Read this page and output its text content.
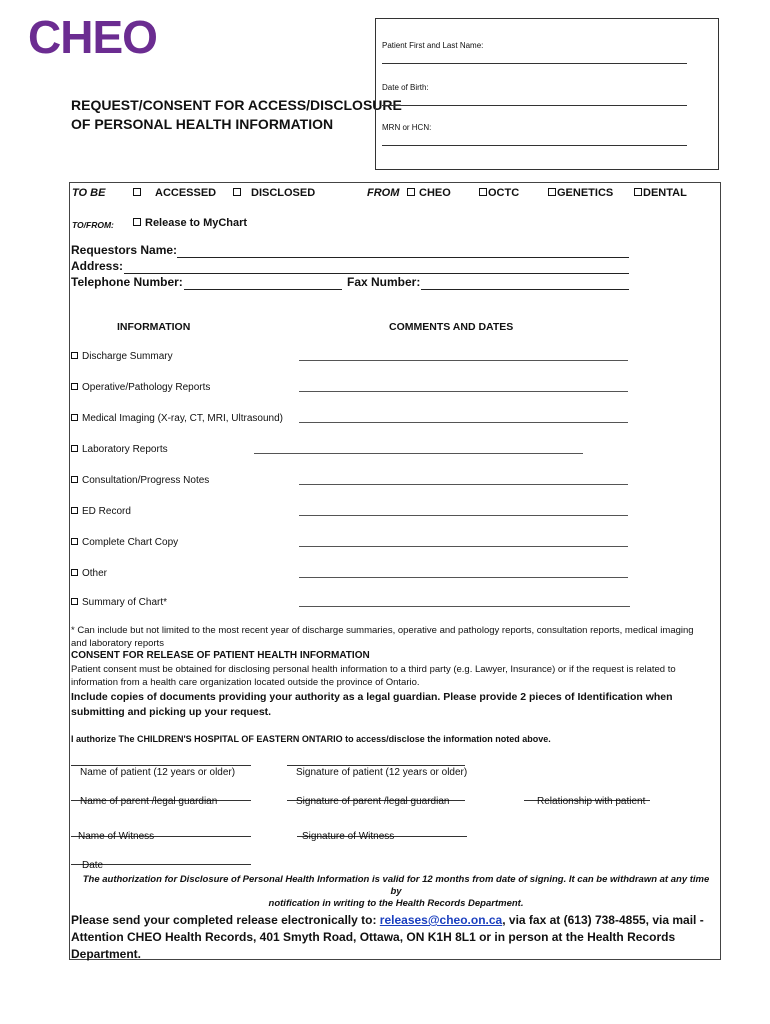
CHEO
REQUEST/CONSENT FOR ACCESS/DISCLOSURE
OF PERSONAL HEALTH INFORMATION
Patient First and Last Name:
Date of Birth:
MRN or HCN:
TO BE	ACCESSED	DISCLOSED	FROM	CHEO	OCTC	GENETICS	DENTAL
TO/FROM:	Release to MyChart
Requestors Name:
Address:
Telephone Number:	Fax Number:
INFORMATION	COMMENTS AND DATES
Discharge Summary
Operative/Pathology Reports
Medical Imaging (X-ray, CT, MRI, Ultrasound)
Laboratory Reports
Consultation/Progress Notes
ED Record
Complete Chart Copy
Other
Summary of Chart*
* Can include but not limited to the most recent year of discharge summaries, operative and pathology reports, consultation reports, medical imaging and laboratory reports
CONSENT FOR RELEASE OF PATIENT HEALTH INFORMATION
Patient consent must be obtained for disclosing personal health information to a third party (e.g. Lawyer, Insurance) or if the request is related to information from a health care organization located outside the province of Ontario.
Include copies of documents providing your authority as a legal guardian. Please provide 2 pieces of Identification when submitting and picking up your request.
I authorize The CHILDREN'S HOSPITAL OF EASTERN ONTARIO to access/disclose the information noted above.
Name of patient (12 years or older)	Signature of patient (12 years or older)
Name of parent /legal guardian	Signature of parent /legal guardian	Relationship with patient
Name of Witness	Signature of Witness
Date
The authorization for Disclosure of Personal Health Information is valid for 12 months from date of signing. It can be withdrawn at any time by
notification in writing to the Health Records Department.
Please send your completed release electronically to: releases@cheo.on.ca, via fax at (613) 738-4855, via mail -
Attention CHEO Health Records, 401 Smyth Road, Ottawa, ON K1H 8L1 or in person at the Health Records Department.
